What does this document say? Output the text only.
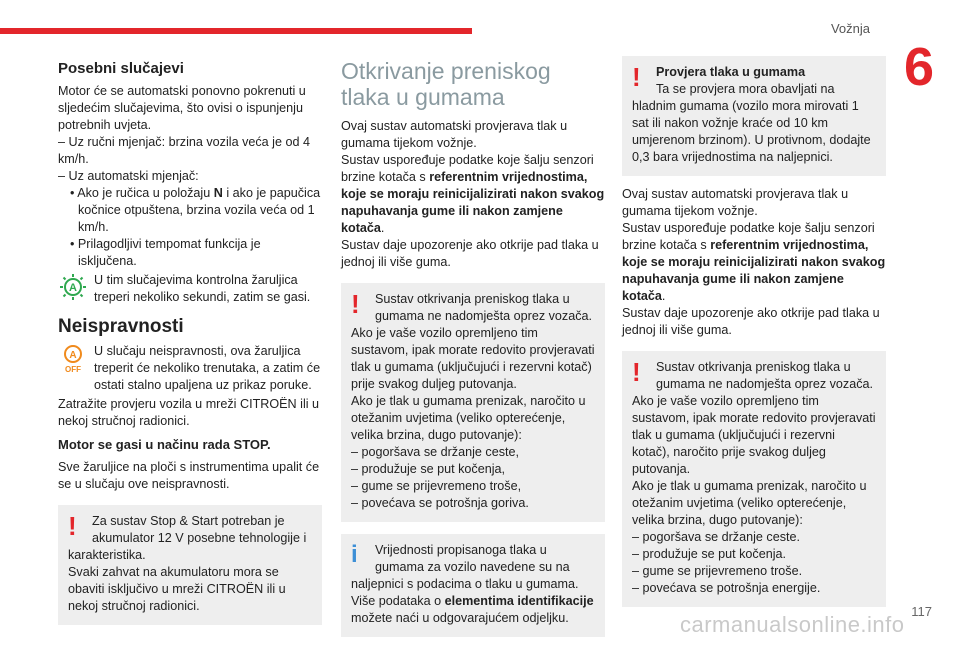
Vožnja
6
117
carmanualsonline.info

Posebni slučajevi

Motor će se automatski ponovno pokrenuti u sljedećim slučajevima, što ovisi o ispunjenju potrebnih uvjeta.

– Uz ručni mjenjač: brzina vozila veća je od 4 km/h.

– Uz automatski mjenjač:

• Ako je ručica u položaju N i ako je papučica kočnice otpuštena, brzina vozila veća od 1 km/h.

• Prilagodljivi tempomat funkcija je isključena.

A

U tim slučajevima kontrolna žaruljica treperi nekoliko sekundi, zatim se gasi.

Neispravnosti

A
OFF

U slučaju neispravnosti, ova žaruljica treperit će nekoliko trenutaka, a zatim će ostati stalno upaljena uz prikaz poruke.

Zatražite provjeru vozila u mreži CITROËN ili u nekoj stručnoj radionici.

Motor se gasi u načinu rada STOP.

Sve žaruljice na ploči s instrumentima upalit će se u slučaju ove neispravnosti.

!	Za sustav Stop & Start potreban je akumulator 12 V posebne tehnologije i karakteristika.

Svaki zahvat na akumulatoru mora se obaviti isključivo u mreži CITROËN ili u nekoj stručnoj radionici.

Otkrivanje preniskog tlaka u gumama

Ovaj sustav automatski provjerava tlak u gumama tijekom vožnje.

Sustav uspoređuje podatke koje šalju senzori brzine kotača s referentnim vrijednostima, koje se moraju reinicijalizirati nakon svakog napuhavanja gume ili nakon zamjene kotača.

Sustav daje upozorenje ako otkrije pad tlaka u jednoj ili više guma.

!	Sustav otkrivanja preniskog tlaka u gumama ne nadomješta oprez vozača.

Ako je vaše vozilo opremljeno tim sustavom, ipak morate redovito provjeravati tlak u gumama (uključujući i rezervni kotač) prije svakog duljeg putovanja.

Ako je tlak u gumama prenizak, naročito u otežanim uvjetima (veliko opterećenje, velika brzina, dugo putovanje):

– pogoršava se držanje ceste,

– produžuje se put kočenja,

– gume se prijevremeno troše,

– povećava se potrošnja goriva.

i	Vrijednosti propisanoga tlaka u gumama za vozilo navedene su na naljepnici s podacima o tlaku u gumama.

Više podataka o elementima identifikacije možete naći u odgovarajućem odjeljku.

!	Provjera tlaka u gumama

Ta se provjera mora obavljati na hladnim gumama (vozilo mora mirovati 1 sat ili nakon vožnje kraće od 10 km umjerenom brzinom). U protivnom, dodajte 0,3 bara vrijednostima na naljepnici.

Ovaj sustav automatski provjerava tlak u gumama tijekom vožnje.

Sustav uspoređuje podatke koje šalju senzori brzine kotača s referentnim vrijednostima, koje se moraju reinicijalizirati nakon svakog napuhavanja gume ili nakon zamjene kotača.

Sustav daje upozorenje ako otkrije pad tlaka u jednoj ili više guma.

!	Sustav otkrivanja preniskog tlaka u gumama ne nadomješta oprez vozača.

Ako je vaše vozilo opremljeno tim sustavom, ipak morate redovito provjeravati tlak u gumama (uključujući i rezervni kotač), naročito prije svakog duljeg putovanja.

Ako je tlak u gumama prenizak, naročito u otežanim uvjetima (veliko opterećenje, velika brzina, dugo putovanje):

– pogoršava se držanje ceste.

– produžuje se put kočenja.

– gume se prijevremeno troše.

– povećava se potrošnja energije.
